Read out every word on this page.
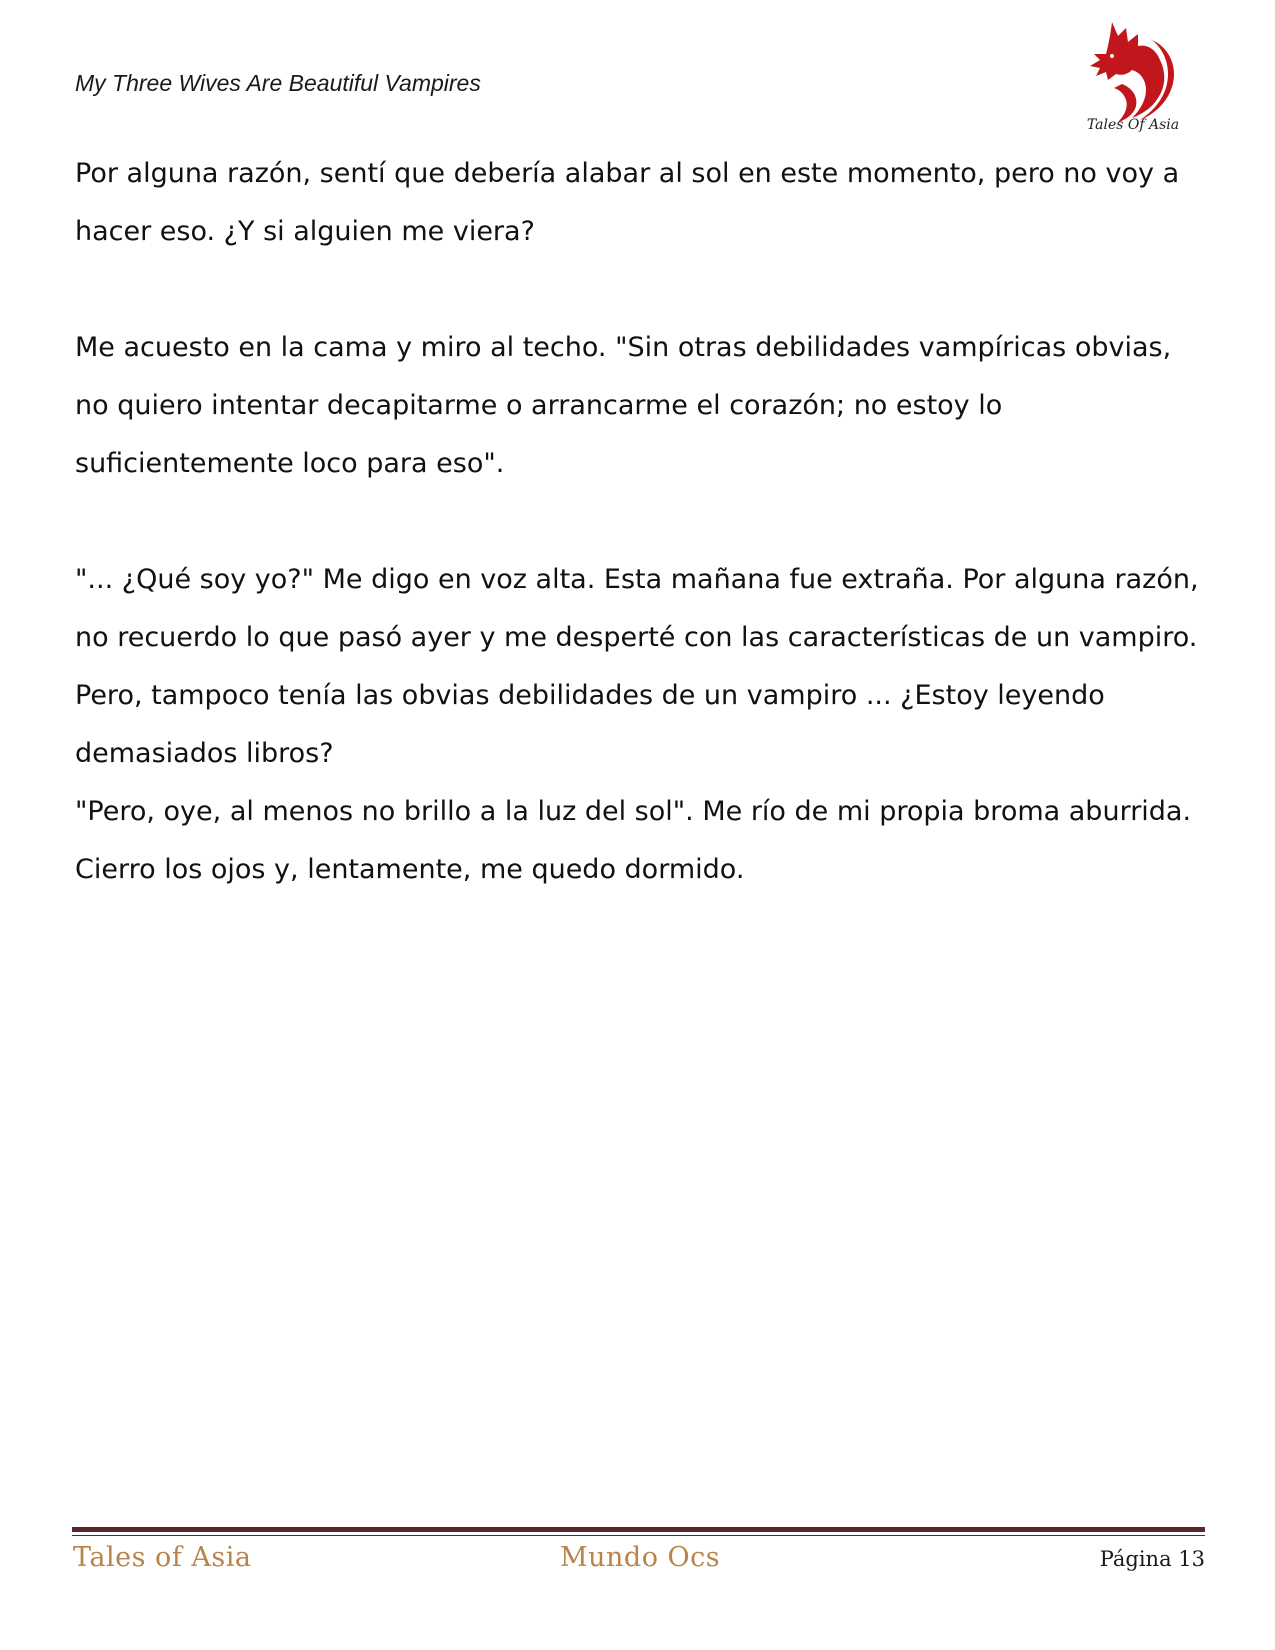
My Three Wives Are Beautiful Vampires
Tales Of Asia

Por alguna razón, sentí que debería alabar al sol en este momento, pero no voy a hacer eso. ¿Y si alguien me viera?

Me acuesto en la cama y miro al techo. "Sin otras debilidades vampíricas obvias, no quiero intentar decapitarme o arrancarme el corazón; no estoy lo suficientemente loco para eso".

"... ¿Qué soy yo?" Me digo en voz alta. Esta mañana fue extraña. Por alguna razón, no recuerdo lo que pasó ayer y me desperté con las características de un vampiro. Pero, tampoco tenía las obvias debilidades de un vampiro ... ¿Estoy leyendo demasiados libros?

"Pero, oye, al menos no brillo a la luz del sol". Me río de mi propia broma aburrida. Cierro los ojos y, lentamente, me quedo dormido.

Tales of Asia	Mundo Ocs	Página 13
